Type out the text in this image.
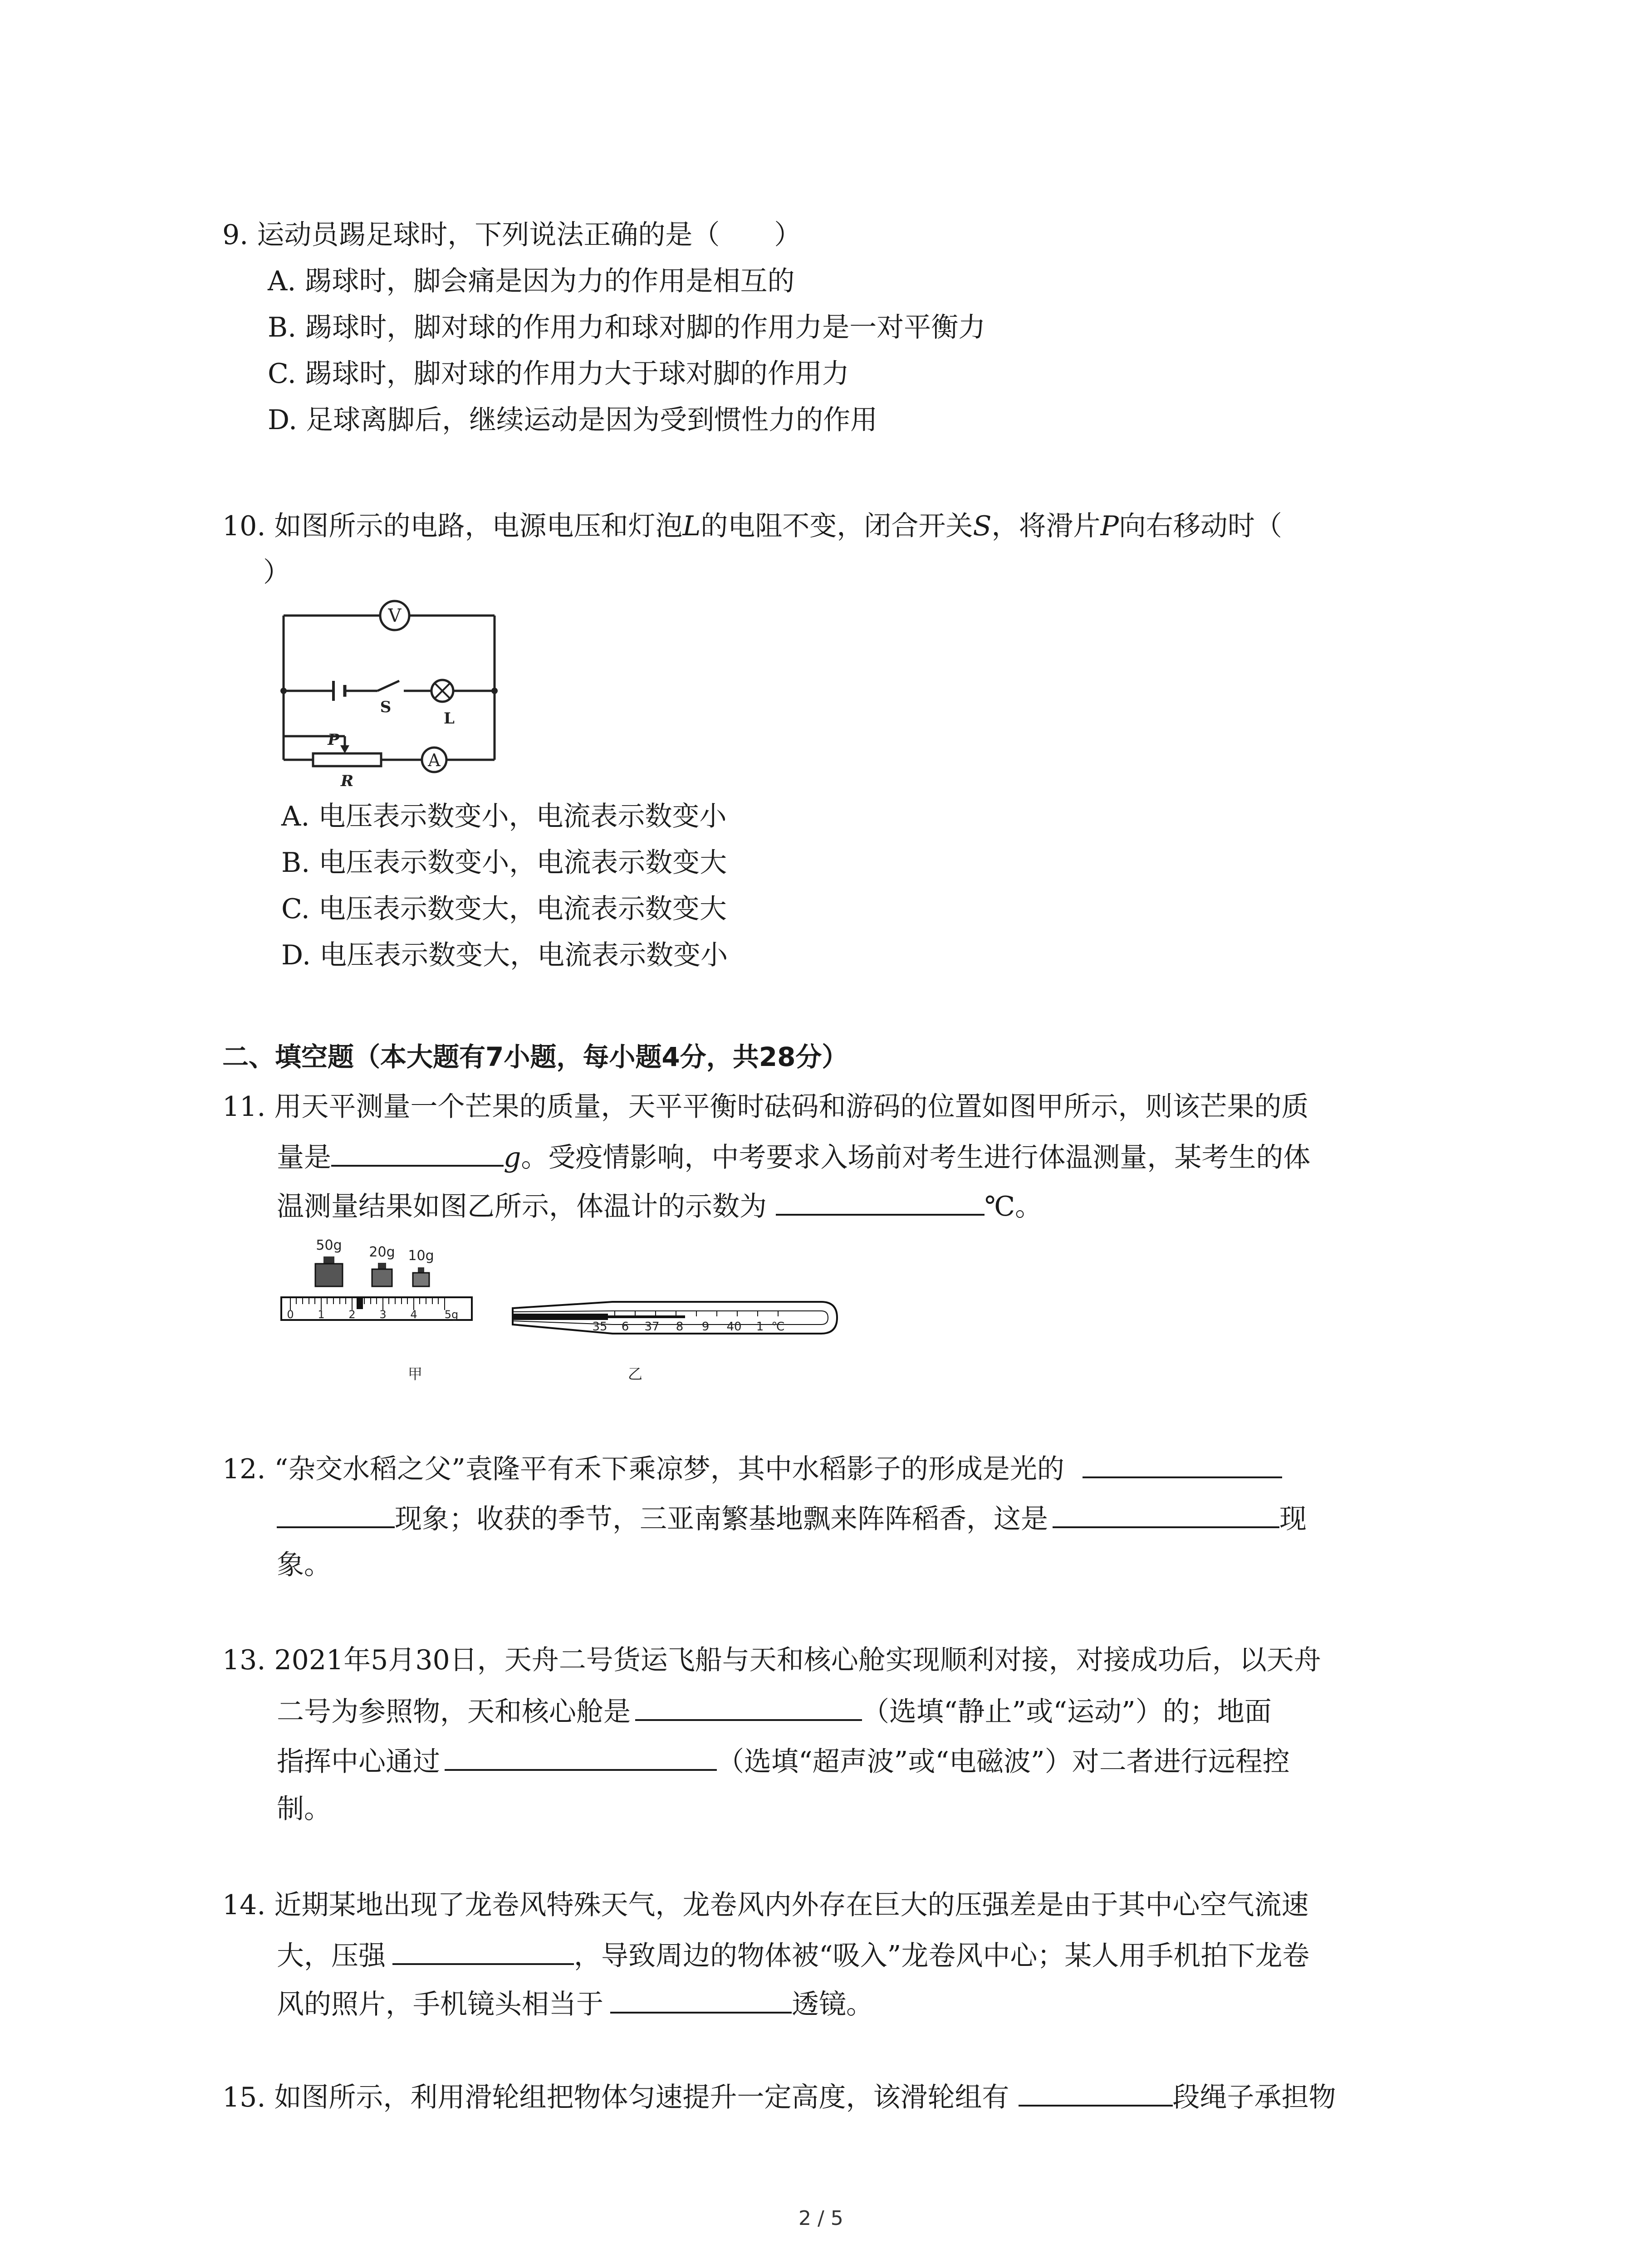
9. 运动员踢足球时，下列说法正确的是（　　）
A. 踢球时，脚会痛是因为力的作用是相互的
B. 踢球时，脚对球的作用力和球对脚的作用力是一对平衡力
C. 踢球时，脚对球的作用力大于球对脚的作用力
D. 足球离脚后，继续运动是因为受到惯性力的作用
10. 如图所示的电路，电源电压和灯泡L的电阻不变，闭合开关S，将滑片P向右移动时（
）
V
A
S
L
P
R
A. 电压表示数变小，电流表示数变小
B. 电压表示数变小，电流表示数变大
C. 电压表示数变大，电流表示数变大
D. 电压表示数变大，电流表示数变小
二、填空题（本大题有7小题，每小题4分，共28分）
11. 用天平测量一个芒果的质量，天平平衡时砝码和游码的位置如图甲所示，则该芒果的质
量是	g。受疫情影响，中考要求入场前对考生进行体温测量，某考生的体
温测量结果如图乙所示，体温计的示数为	℃。
50g 20g 10g
0 1 2 3 4	5g
甲
35 6 37 8 9 40 1 ℃
乙
12. “杂交水稻之父”袁隆平有禾下乘凉梦，其中水稻影子的形成是光的
现象；收获的季节，三亚南繁基地飘来阵阵稻香，这是	现
象。
13. 2021年5月30日，天舟二号货运飞船与天和核心舱实现顺利对接，对接成功后，以天舟
二号为参照物，天和核心舱是	（选填“静止”或“运动”）的；地面
指挥中心通过	（选填“超声波”或“电磁波”）对二者进行远程控
制。
14. 近期某地出现了龙卷风特殊天气，龙卷风内外存在巨大的压强差是由于其中心空气流速
大，压强	，导致周边的物体被“吸入”龙卷风中心；某人用手机拍下龙卷
风的照片，手机镜头相当于	透镜。
15. 如图所示，利用滑轮组把物体匀速提升一定高度，该滑轮组有	段绳子承担物
2 / 5
